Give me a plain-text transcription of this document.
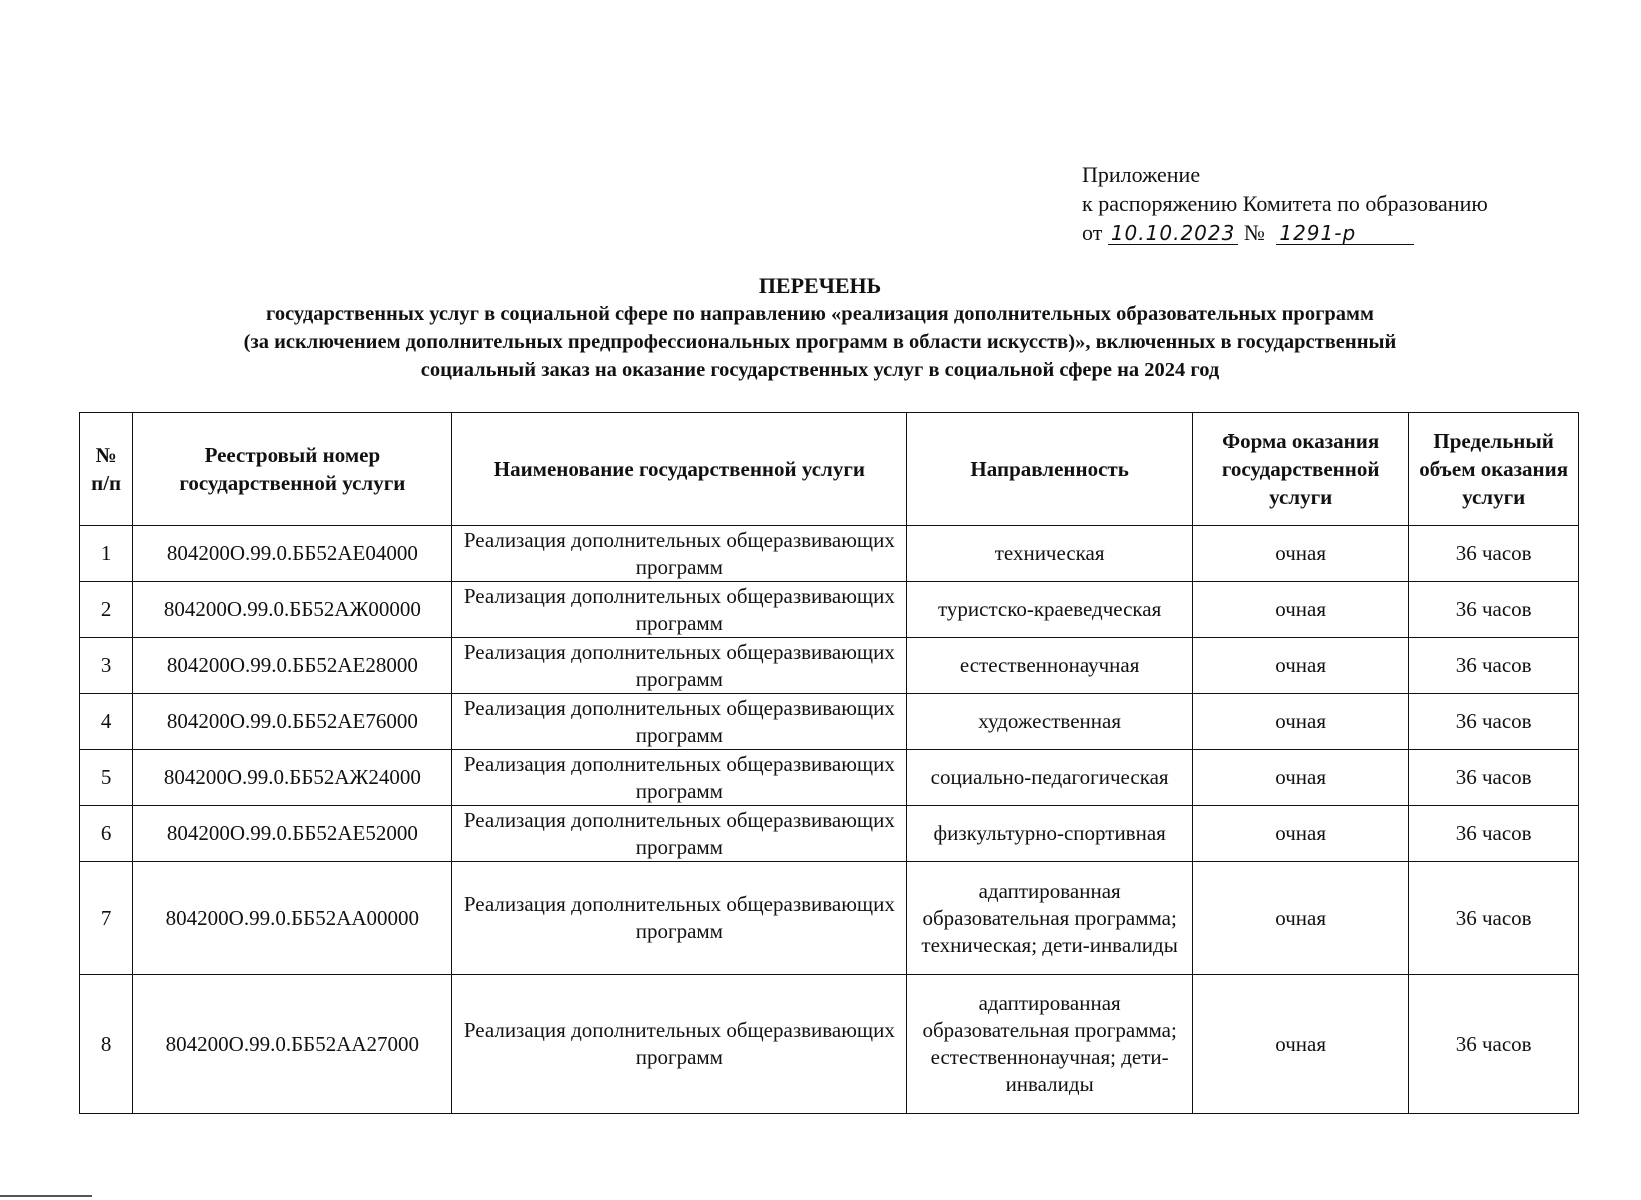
Приложение
к распоряжению Комитета по образованию
от 10.10.2023 № 1291-р
ПЕРЕЧЕНЬ
государственных услуг в социальной сфере по направлению «реализация дополнительных образовательных программ
(за исключением дополнительных предпрофессиональных программ в области искусств)», включенных в государственный
социальный заказ на оказание государственных услуг в социальной сфере на 2024 год
№ п/п	Реестровый номер государственной услуги	Наименование государственной услуги	Направленность	Форма оказания государственной услуги	Предельный объем оказания услуги
1	804200О.99.0.ББ52АЕ04000	Реализация дополнительных общеразвивающих программ	техническая	очная	36 часов
2	804200О.99.0.ББ52АЖ00000	Реализация дополнительных общеразвивающих программ	туристско-краеведческая	очная	36 часов
3	804200О.99.0.ББ52АЕ28000	Реализация дополнительных общеразвивающих программ	естественнонаучная	очная	36 часов
4	804200О.99.0.ББ52АЕ76000	Реализация дополнительных общеразвивающих программ	художественная	очная	36 часов
5	804200О.99.0.ББ52АЖ24000	Реализация дополнительных общеразвивающих программ	социально-педагогическая	очная	36 часов
6	804200О.99.0.ББ52АЕ52000	Реализация дополнительных общеразвивающих программ	физкультурно-спортивная	очная	36 часов
7	804200О.99.0.ББ52АА00000	Реализация дополнительных общеразвивающих программ	адаптированная образовательная программа; техническая; дети-инвалиды	очная	36 часов
8	804200О.99.0.ББ52АА27000	Реализация дополнительных общеразвивающих программ	адаптированная образовательная программа; естественнонаучная; дети-инвалиды	очная	36 часов
